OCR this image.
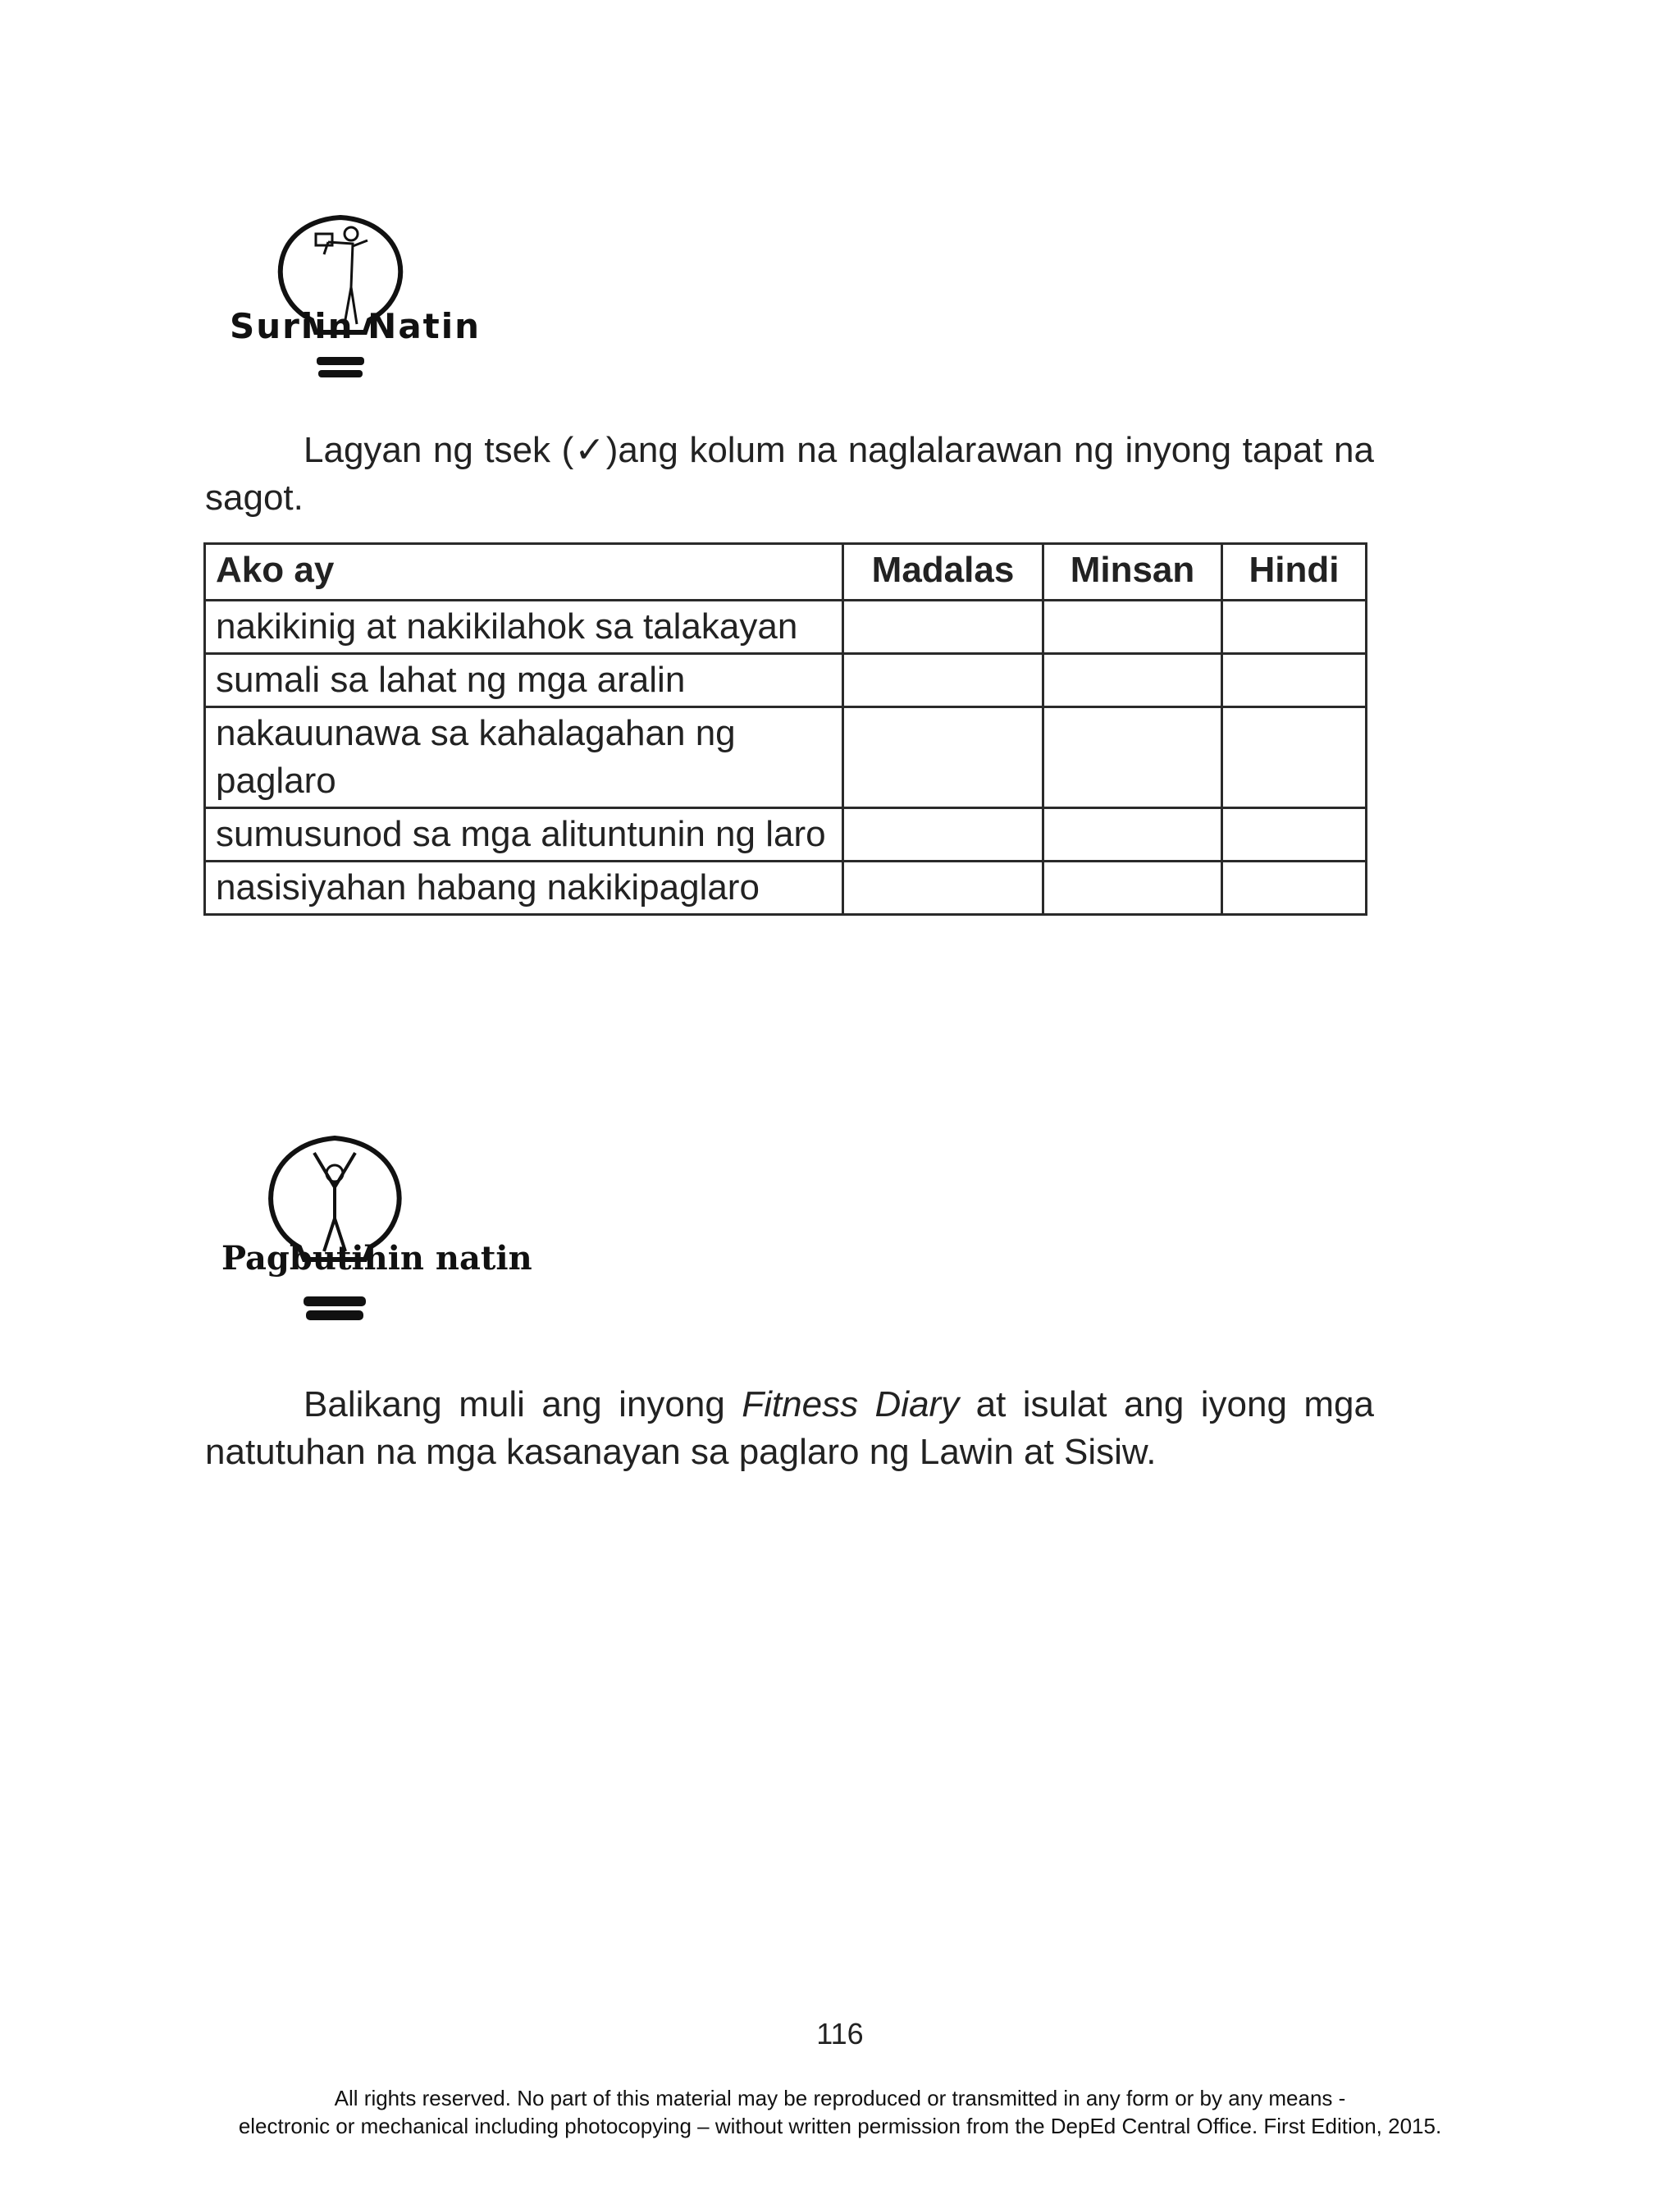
Suriin Natin

Lagyan ng tsek (✓)ang kolum na naglalarawan ng inyong tapat na sagot.

Ako ay	Madalas	Minsan	Hindi
nakikinig at nakikilahok sa talakayan			
sumali sa lahat ng mga aralin			
nakauunawa sa kahalagahan ng paglaro			
sumusunod sa mga alituntunin ng laro			
nasisiyahan habang nakikipaglaro			
Pagbutihin natin

Balikang muli ang inyong Fitness Diary at isulat ang iyong mga natutuhan na mga kasanayan sa paglaro ng Lawin at Sisiw.

116
All rights reserved. No part of this material may be reproduced or transmitted in any form or by any means -
electronic or mechanical including photocopying – without written permission from the DepEd Central Office. First Edition, 2015.
